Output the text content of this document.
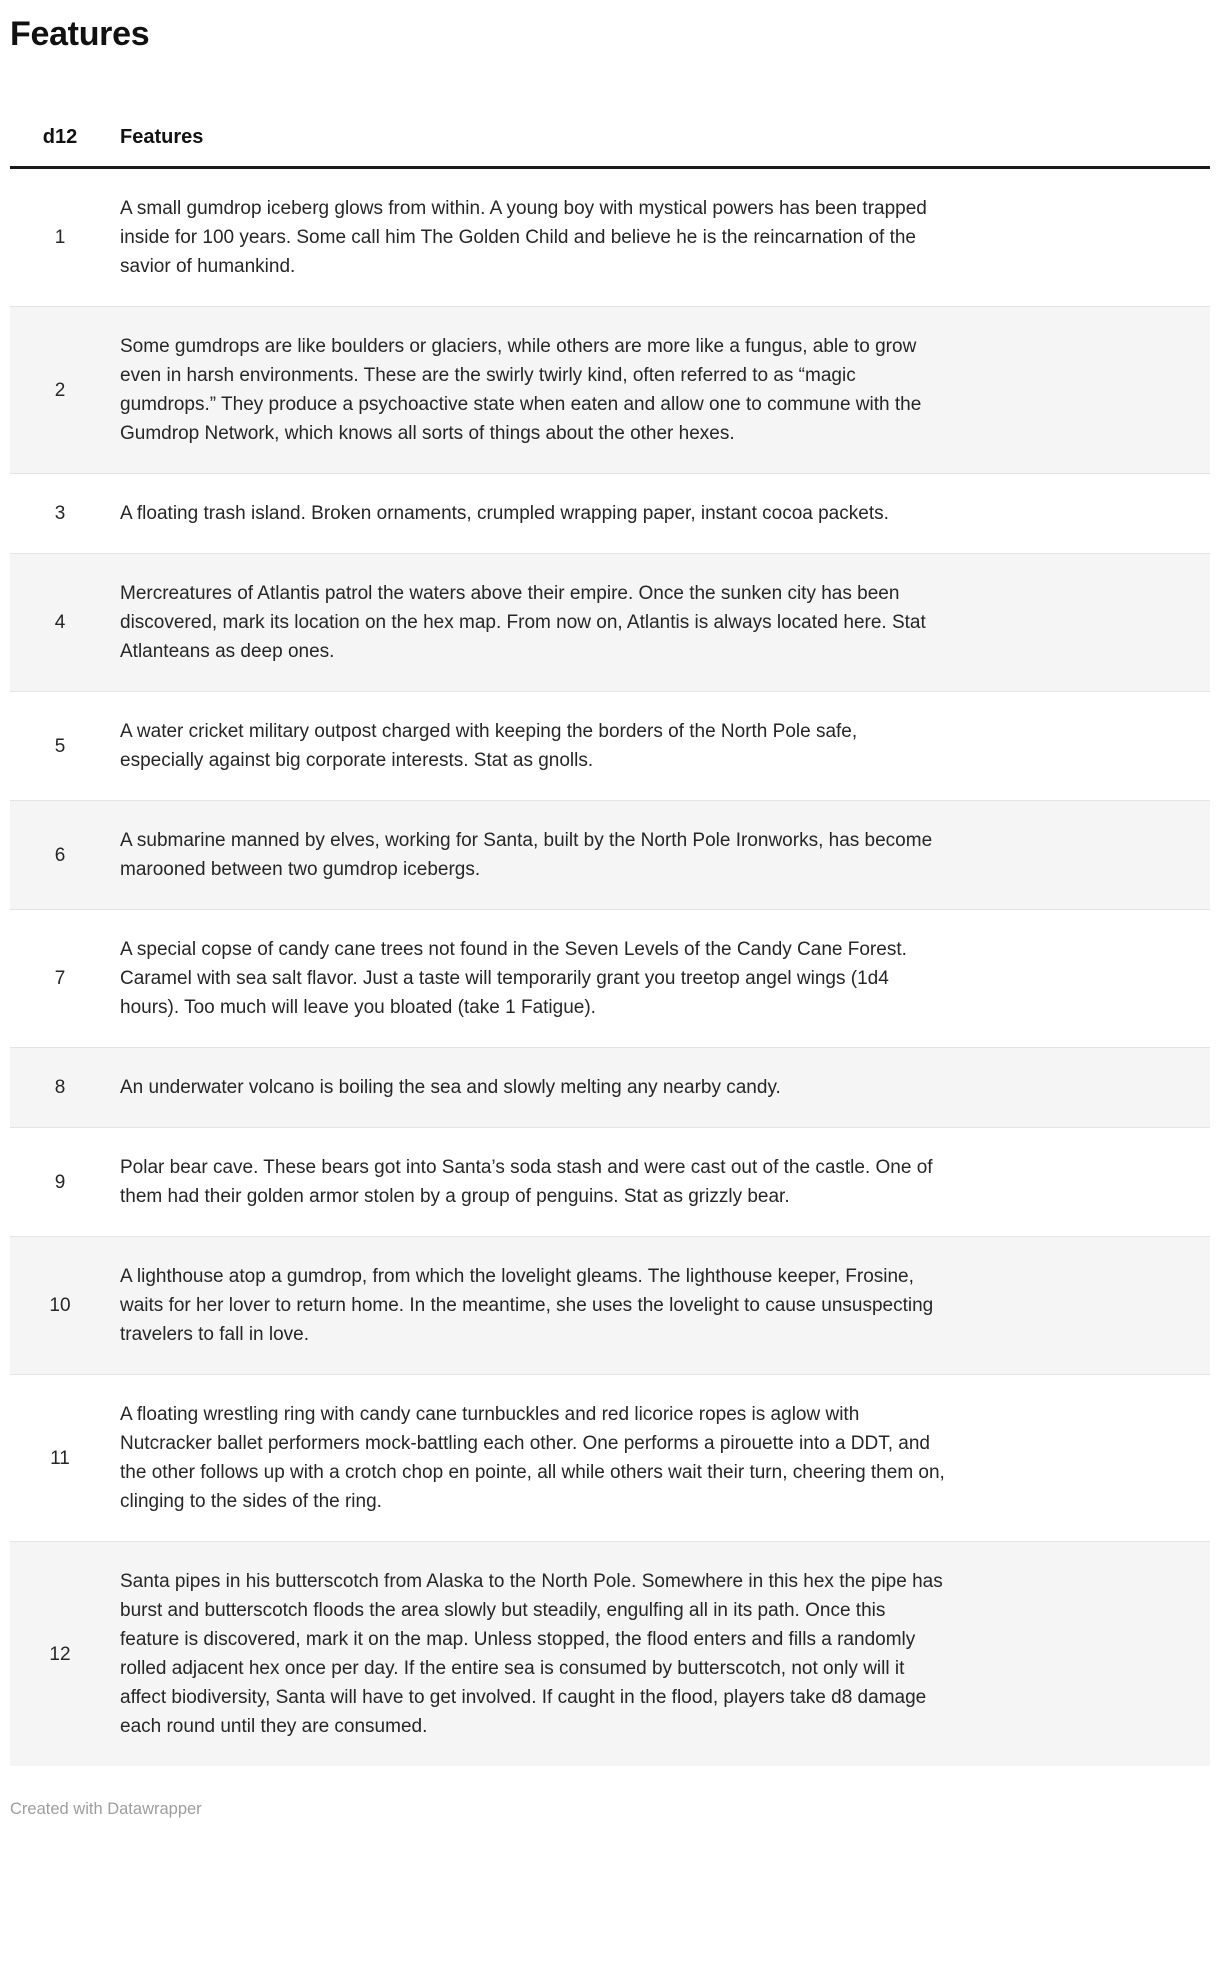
Features
d12	Features
1	A small gumdrop iceberg glows from within. A young boy with mystical powers has been trapped inside for 100 years. Some call him The Golden Child and believe he is the reincarnation of the savior of humankind.
2	Some gumdrops are like boulders or glaciers, while others are more like a fungus, able to grow even in harsh environments. These are the swirly twirly kind, often referred to as “magic gumdrops.” They produce a psychoactive state when eaten and allow one to commune with the Gumdrop Network, which knows all sorts of things about the other hexes.
3	A floating trash island. Broken ornaments, crumpled wrapping paper, instant cocoa packets.
4	Mercreatures of Atlantis patrol the waters above their empire. Once the sunken city has been discovered, mark its location on the hex map. From now on, Atlantis is always located here. Stat Atlanteans as deep ones.
5	A water cricket military outpost charged with keeping the borders of the North Pole safe, especially against big corporate interests. Stat as gnolls.
6	A submarine manned by elves, working for Santa, built by the North Pole Ironworks, has become marooned between two gumdrop icebergs.
7	A special copse of candy cane trees not found in the Seven Levels of the Candy Cane Forest. Caramel with sea salt flavor. Just a taste will temporarily grant you treetop angel wings (1d4 hours). Too much will leave you bloated (take 1 Fatigue).
8	An underwater volcano is boiling the sea and slowly melting any nearby candy.
9	Polar bear cave. These bears got into Santa’s soda stash and were cast out of the castle. One of them had their golden armor stolen by a group of penguins. Stat as grizzly bear.
10	A lighthouse atop a gumdrop, from which the lovelight gleams. The lighthouse keeper, Frosine, waits for her lover to return home. In the meantime, she uses the lovelight to cause unsuspecting travelers to fall in love.
11	A floating wrestling ring with candy cane turnbuckles and red licorice ropes is aglow with Nutcracker ballet performers mock-battling each other. One performs a pirouette into a DDT, and the other follows up with a crotch chop en pointe, all while others wait their turn, cheering them on, clinging to the sides of the ring.
12	Santa pipes in his butterscotch from Alaska to the North Pole. Somewhere in this hex the pipe has burst and butterscotch floods the area slowly but steadily, engulfing all in its path. Once this feature is discovered, mark it on the map. Unless stopped, the flood enters and fills a randomly rolled adjacent hex once per day. If the entire sea is consumed by butterscotch, not only will it affect biodiversity, Santa will have to get involved. If caught in the flood, players take d8 damage each round until they are consumed.
Created with Datawrapper
